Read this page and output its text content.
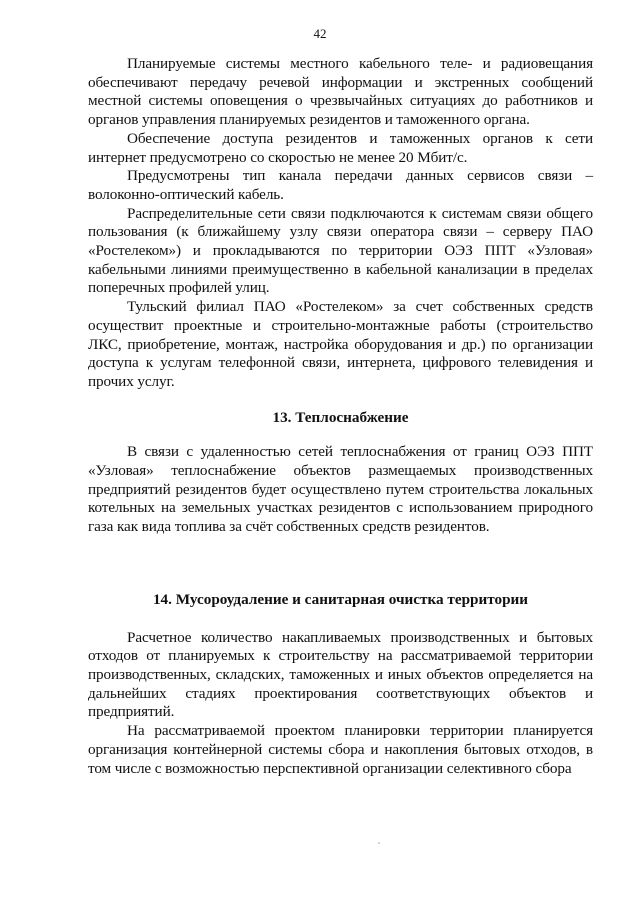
42

Планируемые системы местного кабельного теле- и радиовещания обеспечивают передачу речевой информации и экстренных сообщений местной системы оповещения о чрезвычайных ситуациях до работников и органов управления планируемых резидентов и таможенного органа.

Обеспечение доступа резидентов и таможенных органов к сети интернет предусмотрено со скоростью не менее 20 Мбит/с.

Предусмотрены тип канала передачи данных сервисов связи – волоконно-оптический кабель.

Распределительные сети связи подключаются к системам связи общего пользования (к ближайшему узлу связи оператора связи – серверу ПАО «Ростелеком») и прокладываются по территории ОЭЗ ППТ «Узловая» кабельными линиями преимущественно в кабельной канализации в пределах поперечных профилей улиц.

Тульский филиал ПАО «Ростелеком» за счет собственных средств осуществит проектные и строительно-монтажные работы (строительство ЛКС, приобретение, монтаж, настройка оборудования и др.) по организации доступа к услугам телефонной связи, интернета, цифрового телевидения и прочих услуг.

13. Теплоснабжение

В связи с удаленностью сетей теплоснабжения от границ ОЭЗ ППТ «Узловая» теплоснабжение объектов размещаемых производственных предприятий резидентов будет осуществлено путем строительства локальных котельных на земельных участках резидентов с использованием природного газа как вида топлива за счёт собственных средств резидентов.

14. Мусороудаление и санитарная очистка территории

Расчетное количество накапливаемых производственных и бытовых отходов от планируемых к строительству на рассматриваемой территории производственных, складских, таможенных и иных объектов определяется на дальнейших стадиях проектирования соответствующих объектов и предприятий.

На рассматриваемой проектом планировки территории планируется организация контейнерной системы сбора и накопления бытовых отходов, в том числе с возможностью перспективной организации селективного сбора
